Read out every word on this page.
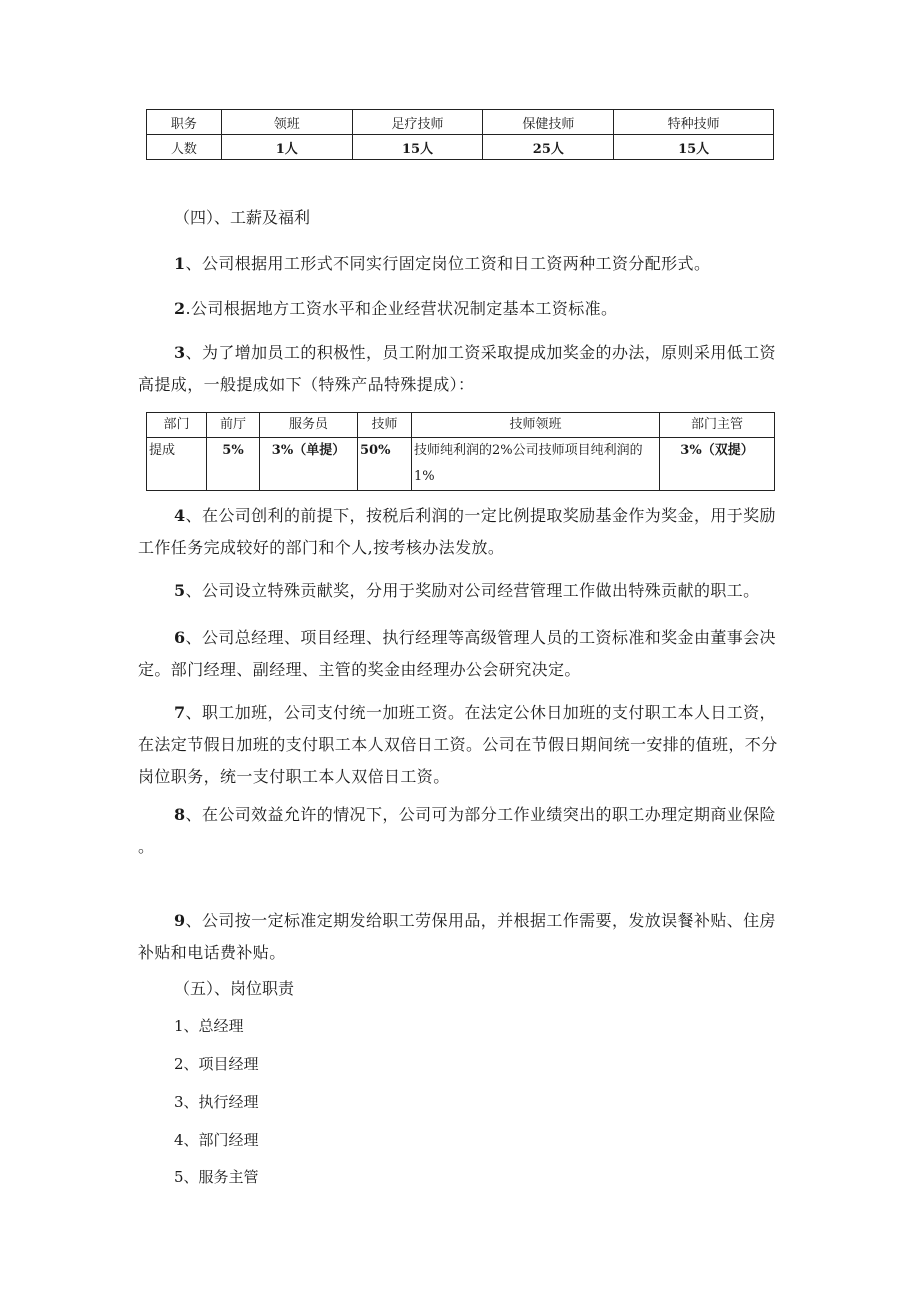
职务	领班	足疗技师	保健技师	特种技师
人数	1人	15人	25人	15人

（四）、工薪及福利

1、公司根据用工形式不同实行固定岗位工资和日工资两种工资分配形式。

2.公司根据地方工资水平和企业经营状况制定基本工资标准。

3、为了增加员工的积极性，员工附加工资采取提成加奖金的办法，原则采用低工资高提成，一般提成如下（特殊产品特殊提成）：

部门	前厅	服务员	技师	技师领班	部门主管
提成	5%	3%（单提）	50%	技师纯利润的2%公司技师项目纯利润的1%	3%（双提）

4、在公司创利的前提下，按税后利润的一定比例提取奖励基金作为奖金，用于奖励工作任务完成较好的部门和个人,按考核办法发放。

5、公司设立特殊贡献奖，分用于奖励对公司经营管理工作做出特殊贡献的职工。

6、公司总经理、项目经理、执行经理等高级管理人员的工资标准和奖金由董事会决定。部门经理、副经理、主管的奖金由经理办公会研究决定。

7、职工加班，公司支付统一加班工资。在法定公休日加班的支付职工本人日工资，在法定节假日加班的支付职工本人双倍日工资。公司在节假日期间统一安排的值班，不分岗位职务，统一支付职工本人双倍日工资。

8、在公司效益允许的情况下，公司可为部分工作业绩突出的职工办理定期商业保险
。

9、公司按一定标准定期发给职工劳保用品，并根据工作需要，发放误餐补贴、住房补贴和电话费补贴。

（五）、岗位职责

1、总经理

2、项目经理

3、执行经理

4、部门经理

5、服务主管
